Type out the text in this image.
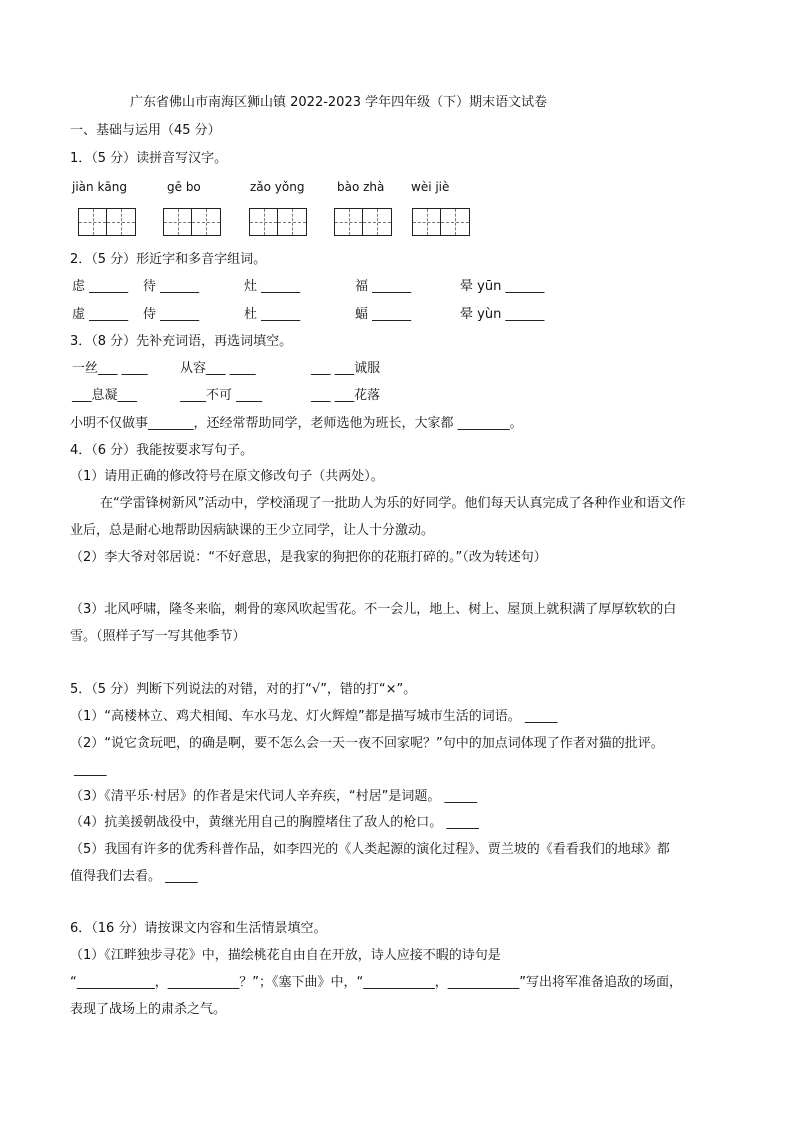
广东省佛山市南海区狮山镇 2022-2023 学年四年级（下）期末语文试卷
一、基础与运用（45 分）
1．（5 分）读拼音写汉字。
jiàn kāng	gē bo	zǎo yǒng	bào zhà wèi jiè
2．（5 分）形近字和多音字组词。
虑 ______ 待 ______	灶 ______	福 ______	晕 yūn ______
虚 ______ 侍 ______	杜 ______	蝠 ______	晕 yùn ______
3．（8 分）先补充词语，再选词填空。
一丝___ ____ 从容___ ____	___ ___诚服
___息凝___	____不可 ____	___ ___花落
小明不仅做事_______，还经常帮助同学，老师选他为班长，大家都 ________。
4．（6 分）我能按要求写句子。
（1）请用正确的修改符号在原文修改句子（共两处）。
在“学雷锋树新风”活动中，学校涌现了一批助人为乐的好同学。他们每天认真完成了各种作业和语文作
业后，总是耐心地帮助因病缺课的王少立同学，让人十分激动。
（2）李大爷对邻居说：“不好意思，是我家的狗把你的花瓶打碎的。”（改为转述句）
（3）北风呼啸，隆冬来临，刺骨的寒风吹起雪花。不一会儿，地上、树上、屋顶上就积满了厚厚软软的白
雪。（照样子写一写其他季节）
5．（5 分）判断下列说法的对错，对的打“√”，错的打“×”。
（1）“高楼林立、鸡犬相闻、车水马龙、灯火辉煌”都是描写城市生活的词语。 _____
（2）“说它贪玩吧，的确是啊，要不怎么会一天一夜不回家呢？”句中的加点词体现了作者对猫的批评。
_____
（3）《清平乐·村居》的作者是宋代词人辛弃疾，“村居”是词题。 _____
（4）抗美援朝战役中，黄继光用自己的胸膛堵住了敌人的枪口。 _____
（5）我国有许多的优秀科普作品，如李四光的《人类起源的演化过程》、贾兰坡的《看看我们的地球》都
值得我们去看。 _____
6．（16 分）请按课文内容和生活情景填空。
（1）《江畔独步寻花》中，描绘桃花自由自在开放，诗人应接不暇的诗句是
“____________，___________？”；《塞下曲》中，“___________，___________”写出将军准备追敌的场面，
表现了战场上的肃杀之气。
